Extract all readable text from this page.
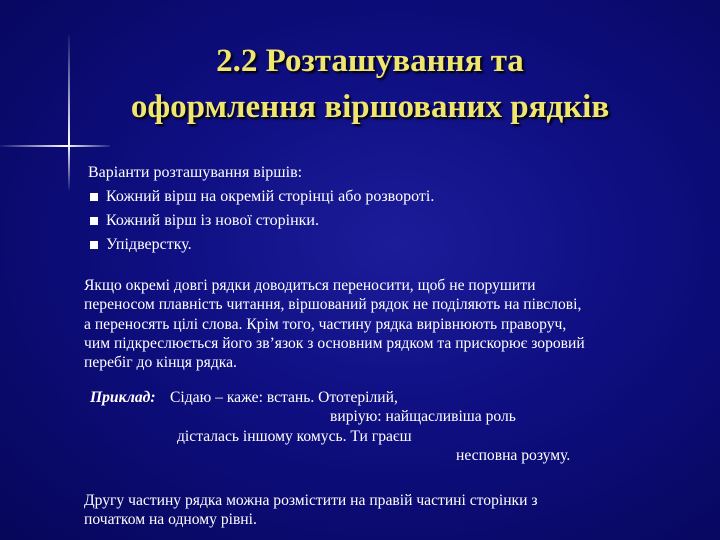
2.2 Розташування та
оформлення віршованих рядків
Варіанти розташування віршів:
Кожний вірш на окремій сторінці або розвороті.
Кожний вірш із нової сторінки.
Упідверстку.
Якщо окремі довгі рядки доводиться переносити, щоб не порушити
переносом плавність читання, віршований рядок не поділяють на півслові,
а переносять цілі слова. Крім того, частину рядка вирівнюють праворуч,
чим підкреслюється його зв’язок з основним рядком та прискорює зоровий
перебіг до кінця рядка.
Приклад: Сідаю – каже: встань. Ототерілий,
виріую: найщасливіша роль
дісталась іншому комусь. Ти граєш
несповна розуму.
Другу частину рядка можна розмістити на правій частині сторінки з
початком на одному рівні.
